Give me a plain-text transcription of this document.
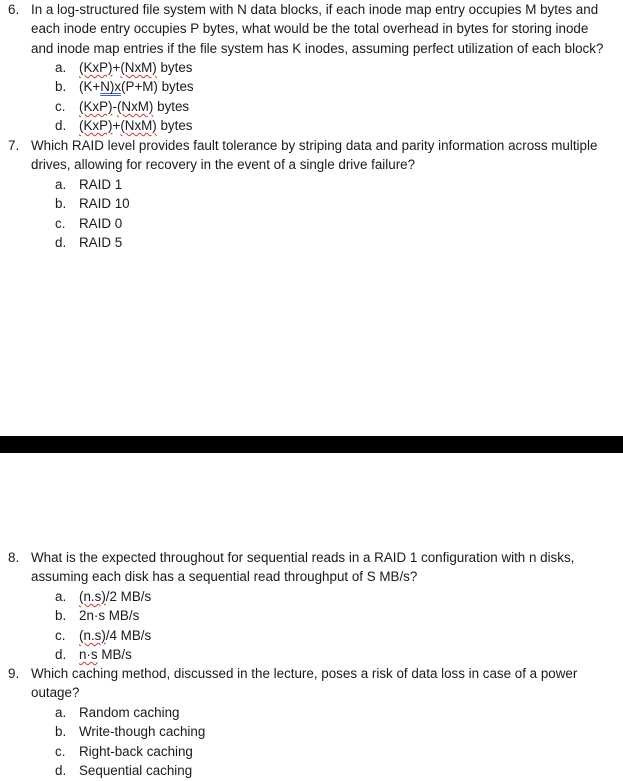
6. In a log-structured file system with N data blocks, if each inode map entry occupies M bytes and each inode entry occupies P bytes, what would be the total overhead in bytes for storing inode and inode map entries if the file system has K inodes, assuming perfect utilization of each block?

a. (KxP)+(NxM) bytes
b. (K+N)x(P+M) bytes
c. (KxP)-(NxM) bytes
d. (KxP)+(NxM) bytes
7. Which RAID level provides fault tolerance by striping data and parity information across multiple drives, allowing for recovery in the event of a single drive failure?

a. RAID 1
b. RAID 10
c. RAID 0
d. RAID 5
8. What is the expected throughout for sequential reads in a RAID 1 configuration with n disks, assuming each disk has a sequential read throughput of S MB/s?

a. (n.s)/2 MB/s
b. 2n·s MB/s
c. (n.s)/4 MB/s
d. n·s MB/s
9. Which caching method, discussed in the lecture, poses a risk of data loss in case of a power outage?

a. Random caching
b. Write-though caching
c. Right-back caching
d. Sequential caching
